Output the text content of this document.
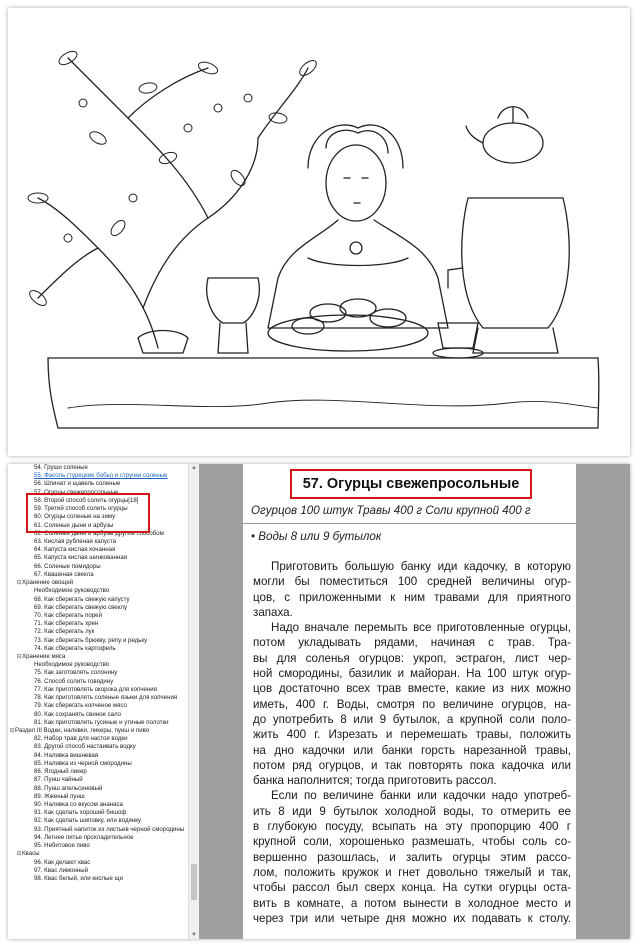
54. Груши соленые
55. Фасоль (турецкие бобы) и стручки соленые
56. Шпинат и щавель соленые
57. Огурцы свежепросольные
58. Второй способ солить огурцы[18]
59. Третий способ солить огурцы
60. Огурцы соленые на зиму
61. Соленые дыни и арбузы
62. Соленые дыни и арбузы другим способом
63. Кислая рубленая капуста
64. Капуста кислая кочанная
65. Капуста кислая шинкованная
66. Соленые помидоры
67. Квашеная свекла
⊟Хранение овощей
Необходимое руководство
68. Как сберегать свежую капусту
69. Как сберегать свежую свеклу
70. Как сберегать порей
71. Как сберегать хрен
72. Как сберегать лук
73. Как сберегать брюкву, репу и редьку
74. Как сберегать картофель
⊟Хранение мяса
Необходимое руководство
75. Как заготовлять солонину
76. Способ солить говядину
77. Как приготовлять окорока для копчения
78. Как приготовлять соленые языки для копчения
79. Как сберегать копченое мясо
80. Как сохранять свиное сало
81. Как приготовлять гусиные и утиные полотки
⊟Раздел III Водки, наливки, ликеры, пунш и пиво
82. Набор трав для настоя водки
83. Другой способ настаивать водку
84. Наливка вишневая
85. Наливка из черной смородины
86. Ягодный ликер
87. Пунш чайный
88. Пунш апельсиновый
89. Жженый пунш
90. Наливка со вкусом ананаса
91. Как сделать хороший бишоф
92. Как сделать шиповку, или водянку
93. Приятный напиток из листьев черной смородины
94. Летнее питье прохладительное
95. Небитовое пиво
⊟Квасы
96. Как делают квас
97. Квас лимонный
98. Квас белый, или кислые щи
▲
▼
57. Огурцы свежепросольные
Огурцов 100 штук Травы 400 г Соли крупной 400 г
• Воды 8 или 9 бутылок
Приготовить большую банку иди кадочку, в которую
могли бы поместиться 100 средней величины огур-
цов, с приложенными к ним травами для приятного
запаха.
Надо вначале перемыть все приготовленные огурцы,
потом укладывать рядами, начиная с трав. Тра-
вы для соленья огурцов: укроп, эстрагон, лист чер-
ной смородины, базилик и майоран. На 100 штук огур-
цов достаточно всех трав вместе, какие из них можно
иметь, 400 г. Воды, смотря по величине огурцов, на-
до употребить 8 или 9 бутылок, а крупной соли поло-
жить 400 г. Изрезать и перемешать травы, положить
на дно кадочки или банки горсть нарезанной травы,
потом ряд огурцов, и так повторять пока кадочка или
банка наполнится; тогда приготовить рассол.
Если по величине банки или кадочки надо употреб-
ить 8 иди 9 бутылок холодной воды, то отмерить ее
в глубокую посуду, всыпать на эту пропорцию 400 г
крупной соли, хорошенько размешать, чтобы соль со-
вершенно разошлась, и залить огурцы этим рассо-
лом, положить кружок и гнет довольно тяжелый и так,
чтобы рассол был сверх конца. На сутки огурцы оста-
вить в комнате, а потом вынести в холодное место и
через три или четыре дня можно их подавать к столу.
